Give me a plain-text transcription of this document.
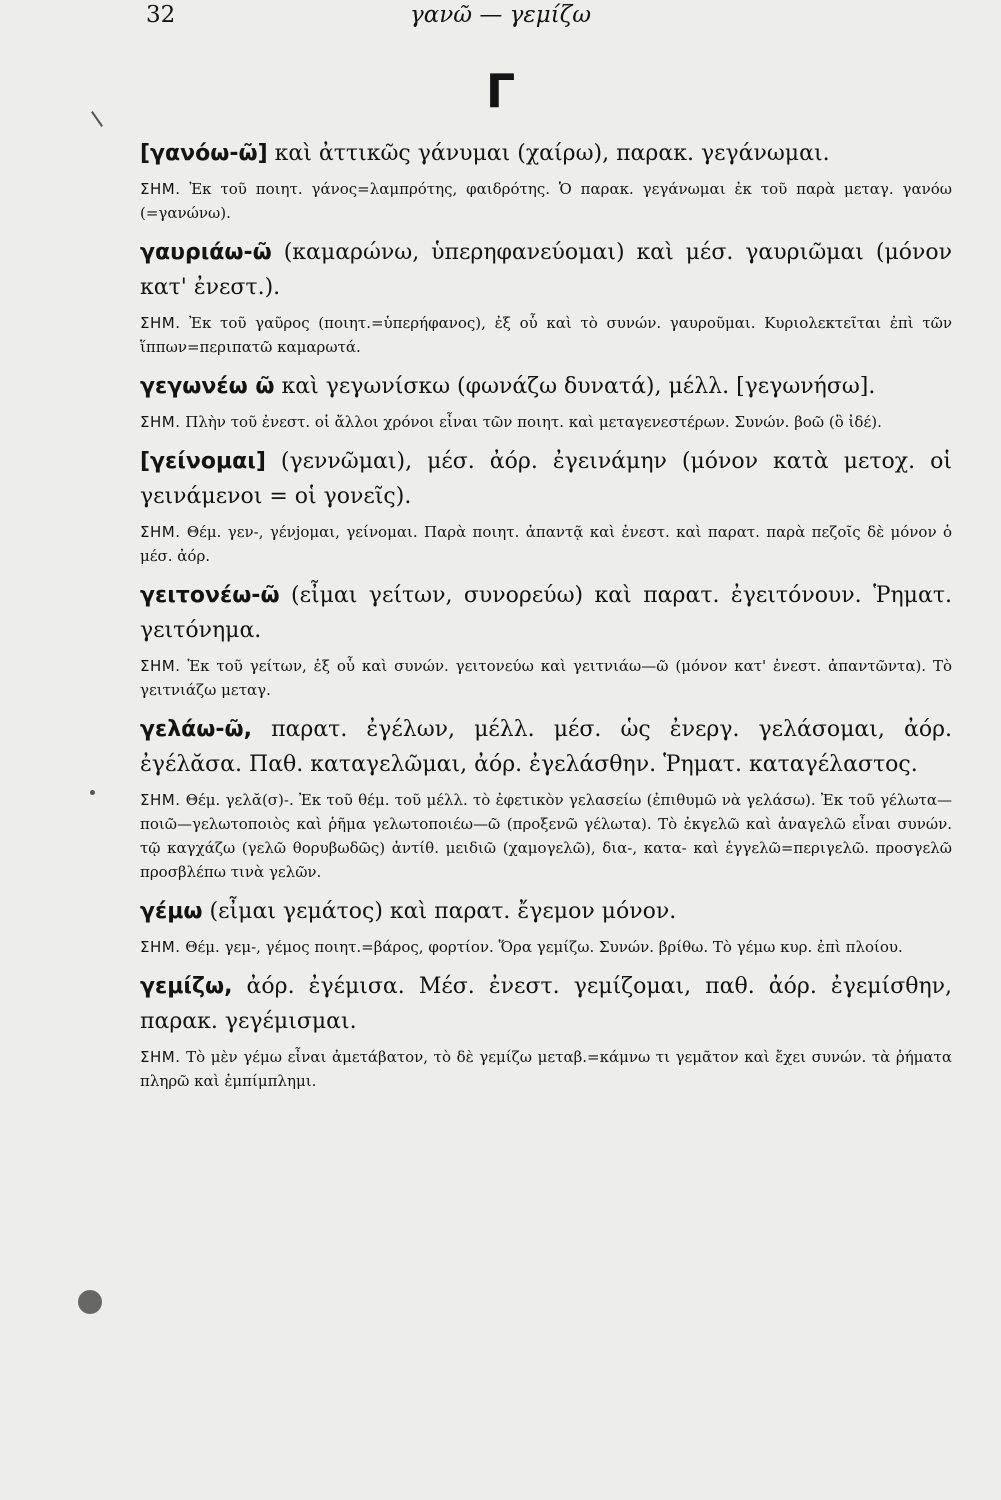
32	γανῶ — γεμίζω
Γ

[γανόω-ῶ] καὶ ἀττικῶς γάνυμαι (χαίρω), παρακ. γεγάνωμαι.

ΣΗΜ. Ἐκ τοῦ ποιητ. γάνος=λαμπρότης, φαιδρότης. Ὁ παρακ. γεγάνωμαι ἐκ τοῦ παρὰ μεταγ. γανόω (=γανώνω).

γαυριάω-ῶ (καμαρώνω, ὑπερηφανεύομαι) καὶ μέσ. γαυριῶμαι (μόνον κατ' ἐνεστ.).

ΣΗΜ. Ἐκ τοῦ γαῦρος (ποιητ.=ὑπερήφανος), ἐξ οὗ καὶ τὸ συνών. γαυροῦμαι. Κυριολεκτεῖται ἐπὶ τῶν ἵππων=περιπατῶ καμαρωτά.

γεγωνέω ῶ καὶ γεγωνίσκω (φωνάζω δυνατά), μέλλ. [γεγωνήσω].

ΣΗΜ. Πλὴν τοῦ ἐνεστ. οἱ ἄλλοι χρόνοι εἶναι τῶν ποιητ. καὶ μεταγενεστέρων. Συνών. βοῶ (ὃ ἰδέ).

[γείνομαι] (γεννῶμαι), μέσ. ἀόρ. ἐγεινάμην (μόνον κατὰ μετοχ. οἱ γεινάμενοι = οἱ γονεῖς).

ΣΗΜ. Θέμ. γεν-, γένjομαι, γείνομαι. Παρὰ ποιητ. ἀπαντᾷ καὶ ἐνεστ. καὶ παρατ. παρὰ πεζοῖς δὲ μόνον ὁ μέσ. ἀόρ.

γειτονέω-ῶ (εἶμαι γείτων, συνορεύω) καὶ παρατ. ἐγειτόνουν. Ῥηματ. γειτόνημα.

ΣΗΜ. Ἐκ τοῦ γείτων, ἐξ οὗ καὶ συνών. γειτονεύω καὶ γειτνιάω—ῶ (μόνον κατ' ἐνεστ. ἀπαντῶντα). Τὸ γειτνιάζω μεταγ.

γελάω-ῶ, παρατ. ἐγέλων, μέλλ. μέσ. ὡς ἐνεργ. γελάσομαι, ἀόρ. ἐγέλᾰσα. Παθ. καταγελῶμαι, ἀόρ. ἐγελάσθην. Ῥηματ. καταγέλαστος.

ΣΗΜ. Θέμ. γελᾰ(σ)-. Ἐκ τοῦ θέμ. τοῦ μέλλ. τὸ ἐφετικὸν γελασείω (ἐπιθυμῶ νὰ γελάσω). Ἐκ τοῦ γέλωτα—ποιῶ—γελωτοποιὸς καὶ ῥῆμα γελωτοποιέω—ῶ (προξενῶ γέλωτα). Τὸ ἐκγελῶ καὶ ἀναγελῶ εἶναι συνών. τῷ καγχάζω (γελῶ θορυβωδῶς) ἀντίθ. μειδιῶ (χαμογελῶ), δια-, κατα- καὶ ἐγγελῶ=περιγελῶ. προσγελῶ προσβλέπω τινὰ γελῶν.

γέμω (εἶμαι γεμάτος) καὶ παρατ. ἔγεμον μόνον.

ΣΗΜ. Θέμ. γεμ-, γέμος ποιητ.=βάρος, φορτίον. Ὅρα γεμίζω. Συνών. βρίθω. Τὸ γέμω κυρ. ἐπὶ πλοίου.

γεμίζω, ἀόρ. ἐγέμισα. Μέσ. ἐνεστ. γεμίζομαι, παθ. ἀόρ. ἐγεμίσθην, παρακ. γεγέμισμαι.

ΣΗΜ. Τὸ μὲν γέμω εἶναι ἀμετάβατον, τὸ δὲ γεμίζω μεταβ.=κάμνω τι γεμᾶτον καὶ ἔχει συνών. τὰ ῥήματα πληρῶ καὶ ἐμπίμπλημι.
